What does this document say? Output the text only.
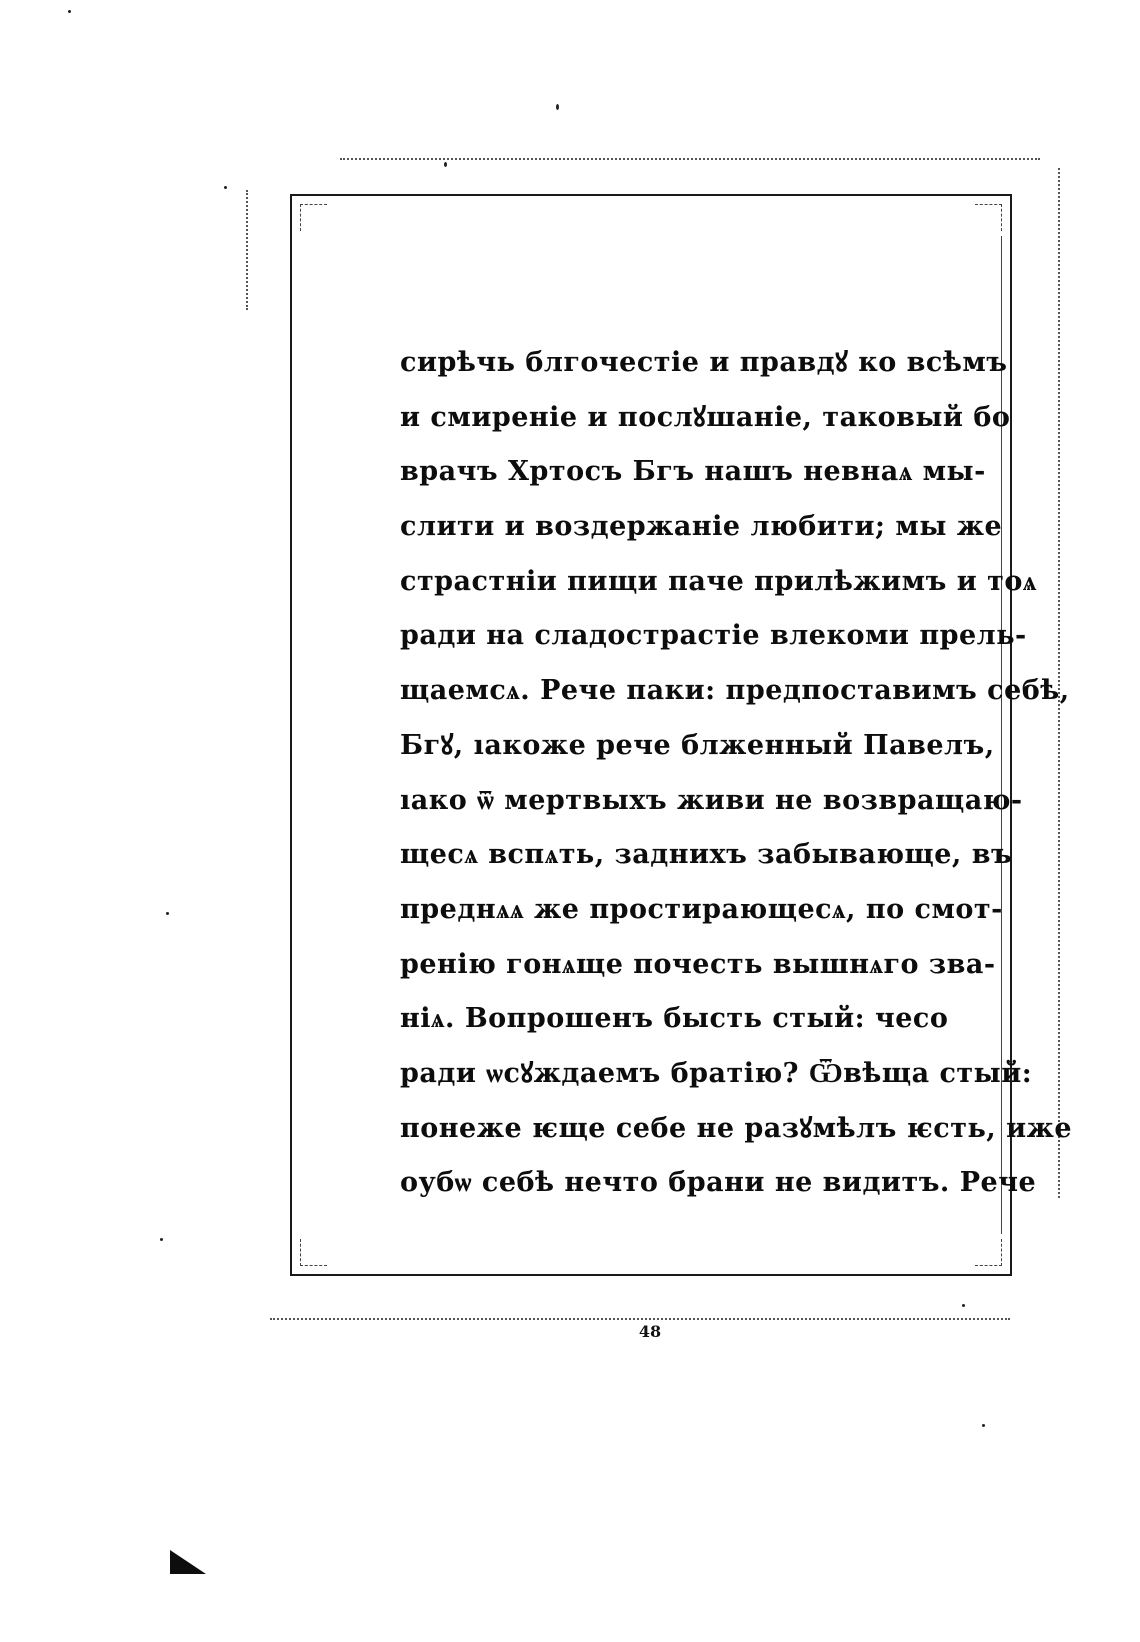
сирѣчь блгочестіе и правдꙋ ко всѣмъ
и смиреніе и послꙋшаніе, таковый бо
врачъ Хртосъ Бгъ нашъ невнаѧ мы-
слити и воздержаніе любити; мы же
страстніи пищи паче прилѣжимъ и тоѧ
ради на сладострастіе влекоми прель-
щаемсѧ. Рече паки: предпоставимъ себѣ,
Бгꙋ, ıакоже рече блженный Павелъ,
ıако ѿ мертвыхъ живи не возвращаю-
щесѧ вспѧть, заднихъ забывающе, въ
преднѧѧ же простирающесѧ, по смот-
ренію гонѧще почесть вышнѧго зва-
ніѧ. Вопрошенъ бысть стый: чесо
ради ѡсꙋждаемъ братію? Ѿвѣща стый:
понеже ѥще себе не разꙋмѣлъ ѥсть, иже
оубѡ себѣ нечто брани не видитъ. Рече
48
